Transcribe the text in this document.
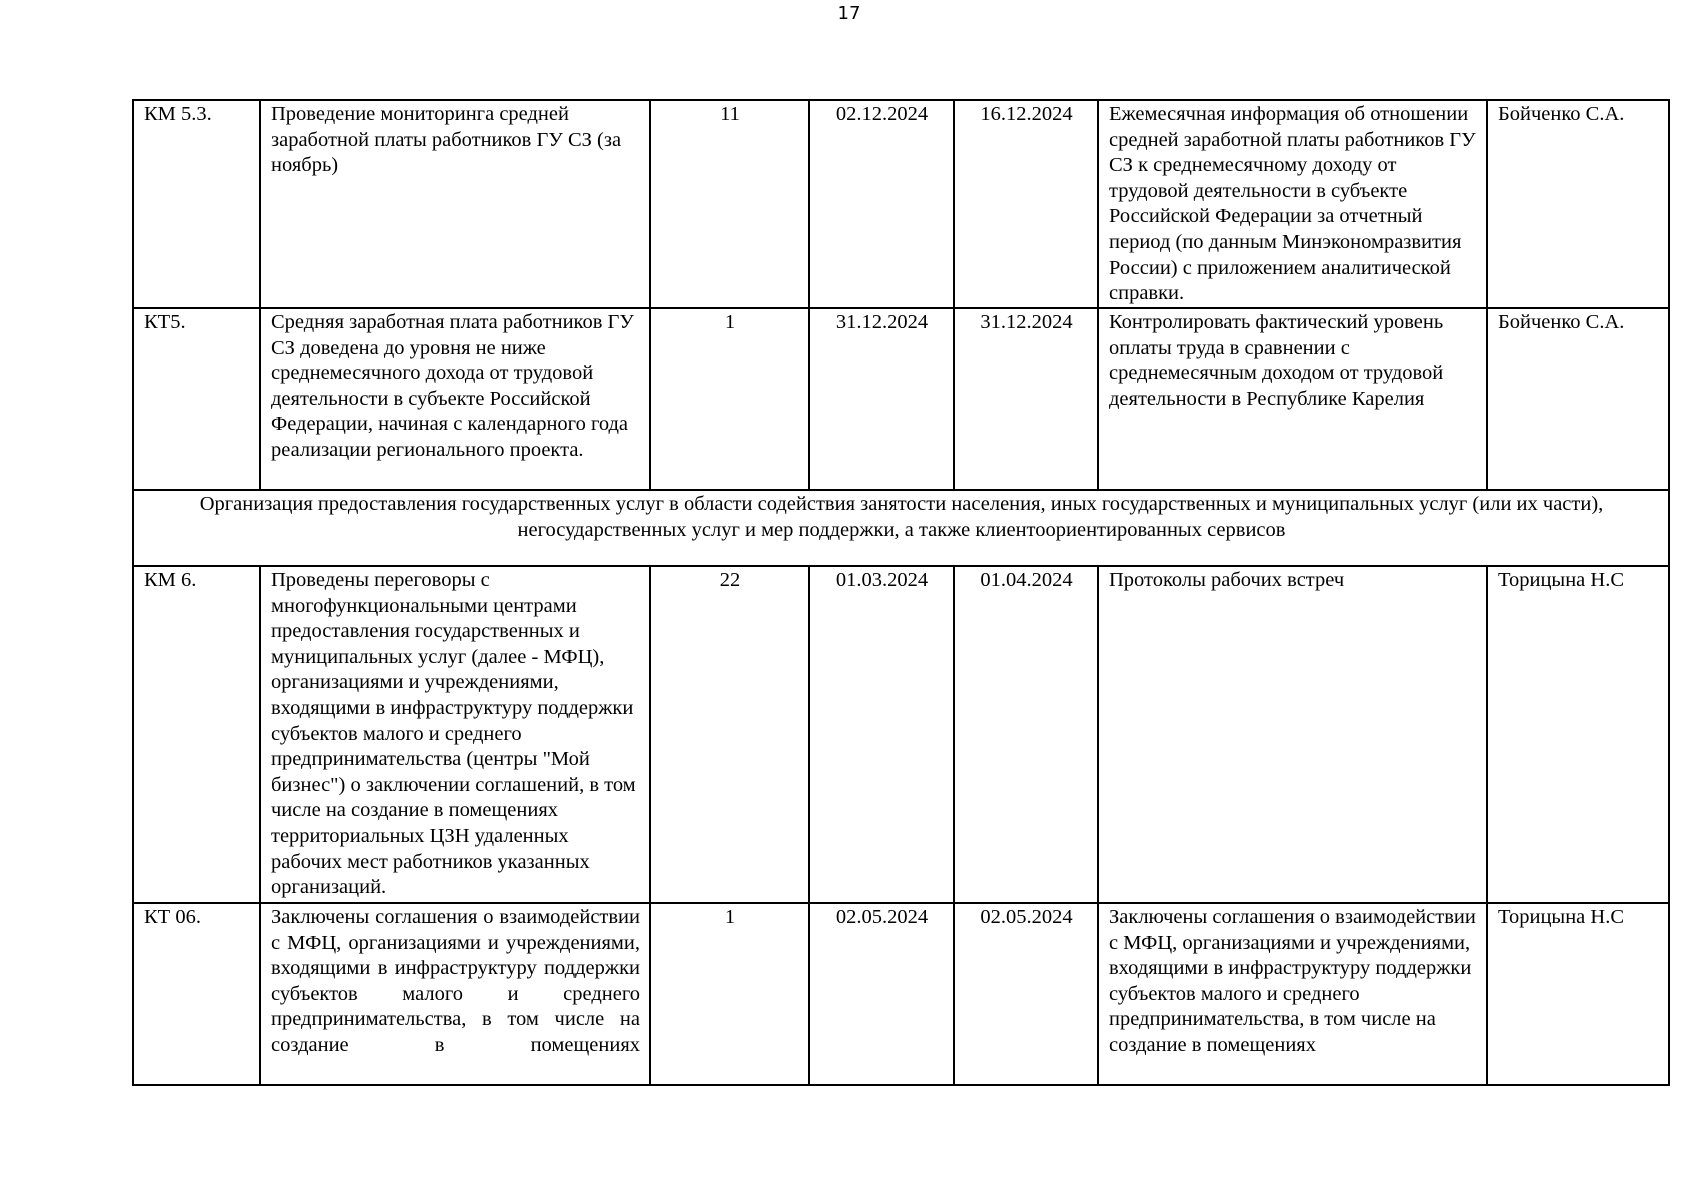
17
КМ 5.3.	Проведение мониторинга средней заработной платы работников ГУ СЗ (за ноябрь)	11	02.12.2024	16.12.2024	Ежемесячная информация об отношении средней заработной платы работников ГУ СЗ к среднемесячному доходу от трудовой деятельности в субъекте Российской Федерации за отчетный период (по данным Минэкономразвития России) с приложением аналитической справки.	Бойченко С.А.
КТ5.	Средняя заработная плата работников ГУ СЗ доведена до уровня не ниже среднемесячного дохода от трудовой деятельности в субъекте Российской Федерации, начиная с календарного года реализации регионального проекта.	1	31.12.2024	31.12.2024	Контролировать фактический уровень оплаты труда в сравнении с среднемесячным доходом от трудовой деятельности в Республике Карелия	Бойченко С.А.
Организация предоставления государственных услуг в области содействия занятости населения, иных государственных и муниципальных услуг (или их части), негосударственных услуг и мер поддержки, а также клиентоориентированных сервисов						
КМ 6.	Проведены переговоры с многофункциональными центрами предоставления государственных и муниципальных услуг (далее - МФЦ), организациями и учреждениями, входящими в инфраструктуру поддержки субъектов малого и среднего предпринимательства (центры "Мой бизнес") о заключении соглашений, в том числе на создание в помещениях территориальных ЦЗН удаленных рабочих мест работников указанных организаций.	22	01.03.2024	01.04.2024	Протоколы рабочих встреч	Торицына Н.С
КТ 06.	Заключены соглашения о взаимодействии с МФЦ, организациями и учреждениями, входящими в инфраструктуру поддержки субъектов малого и среднего предпринимательства, в том числе на создание в помещениях	1	02.05.2024	02.05.2024	Заключены соглашения о взаимодействии с МФЦ, организациями и учреждениями, входящими в инфраструктуру поддержки субъектов малого и среднего предпринимательства, в том числе на создание в помещениях	Торицына Н.С
